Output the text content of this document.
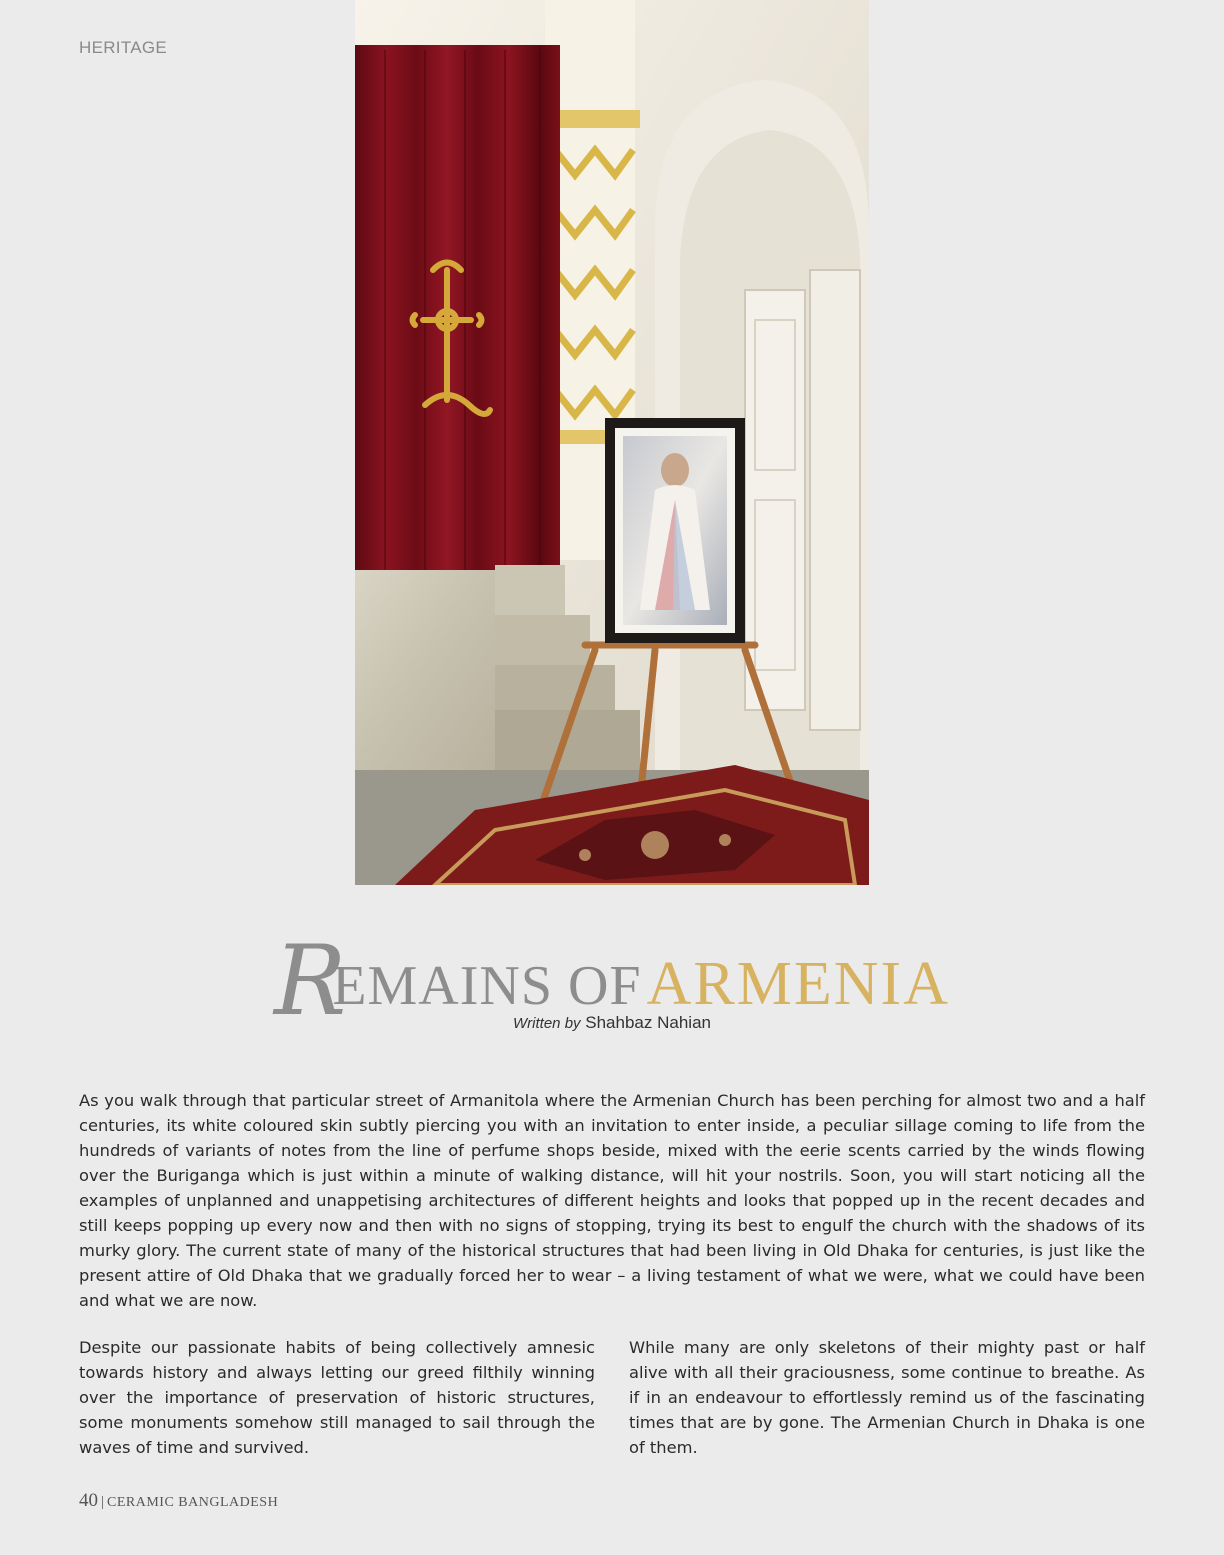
HERITAGE
REMAINS OF ARMENIA
Written by Shahbaz Nahian

As you walk through that particular street of Armanitola where the Armenian Church has been perching for almost two and a half centuries, its white coloured skin subtly piercing you with an invitation to enter inside, a peculiar sillage coming to life from the hundreds of variants of notes from the line of perfume shops beside, mixed with the eerie scents carried by the winds flowing over the Buriganga which is just within a minute of walking distance, will hit your nostrils. Soon, you will start noticing all the examples of unplanned and unappetising architectures of different heights and looks that popped up in the recent decades and still keeps popping up every now and then with no signs of stopping, trying its best to engulf the church with the shadows of its murky glory. The current state of many of the historical structures that had been living in Old Dhaka for centuries, is just like the present attire of Old Dhaka that we gradually forced her to wear – a living testament of what we were, what we could have been and what we are now.

Despite our passionate habits of being collectively amnesic towards history and always letting our greed filthily winning over the importance of preservation of historic structures, some monuments somehow still managed to sail through the waves of time and survived.

While many are only skeletons of their mighty past or half alive with all their graciousness, some continue to breathe. As if in an endeavour to effortlessly remind us of the fascinating times that are by gone. The Armenian Church in Dhaka is one of them.

40 | CERAMIC BANGLADESH
